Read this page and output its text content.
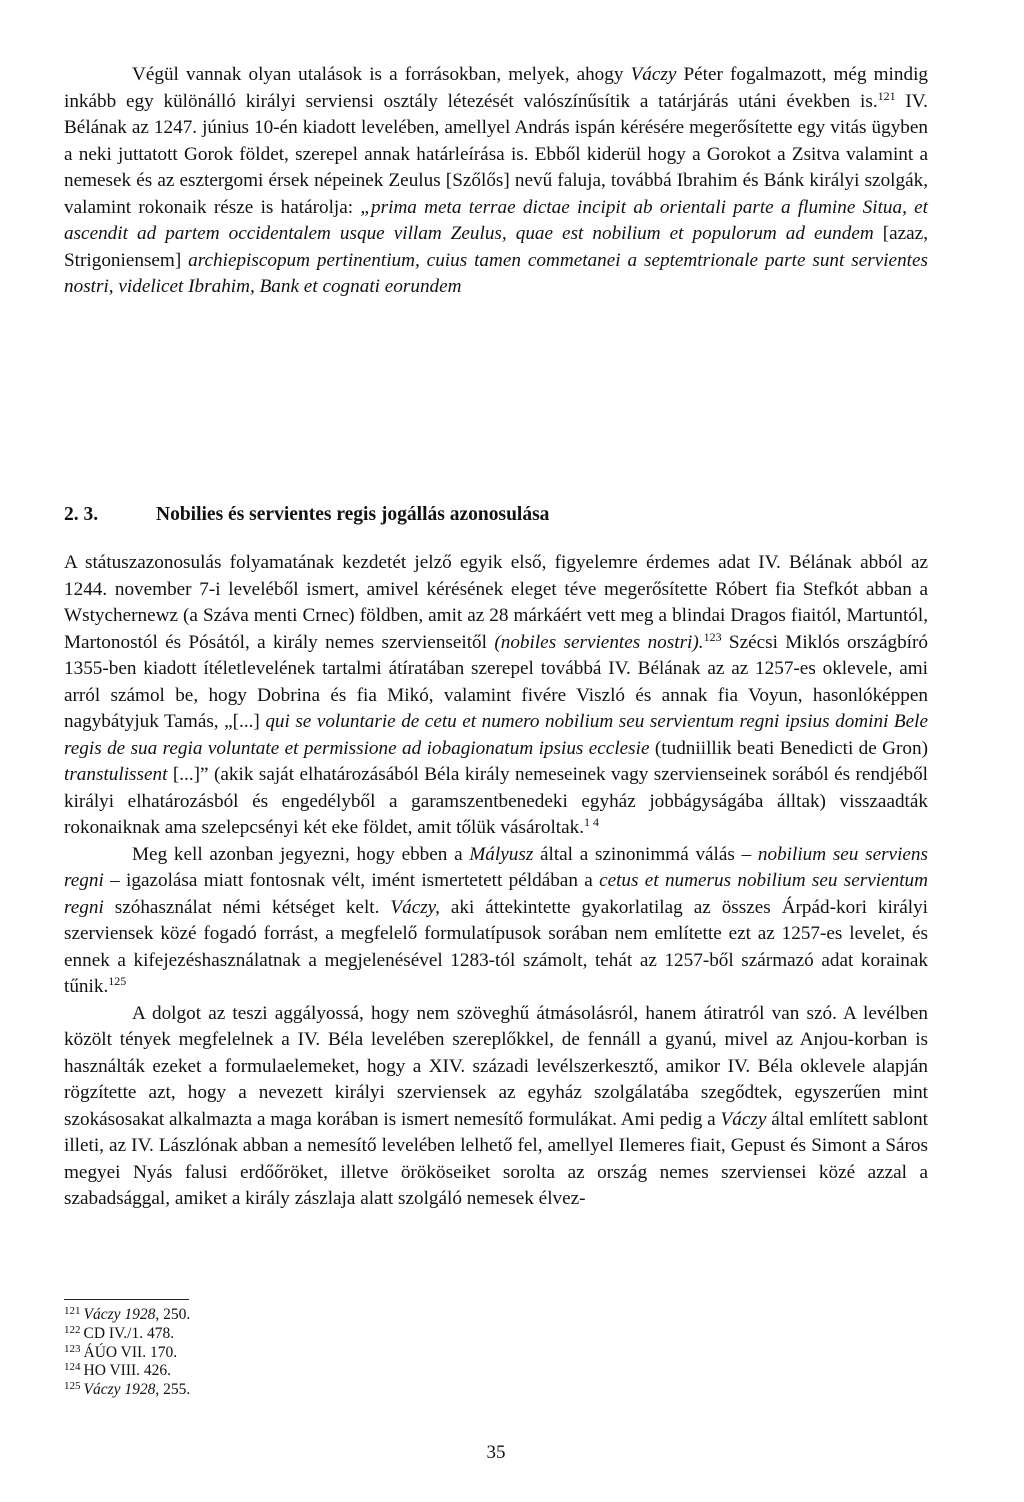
Végül vannak olyan utalások is a forrásokban, melyek, ahogy Váczy Péter fogalmazott, még mindig inkább egy különálló királyi serviensi osztály létezését valószínűsítik a tatárjárás utáni években is.$^{121}$ IV. Bélának az 1247. június 10-én kiadott levelében, amellyel András ispán kérésére megerősítette egy vitás ügyben a neki juttatott Gorok földet, szerepel annak határleírása is. Ebből kiderül hogy a Gorokot a Zsitva valamint a nemesek és az esztergomi érsek népeinek Zeulus [Szőlős] nevű faluja, továbbá Ibrahim és Bánk királyi szolgák, valamint rokonaik része is határolja: „prima meta terrae dictae incipit ab orientali parte a flumine Situa, et ascendit ad partem occidentalem usque villam Zeulus, quae est nobilium et populorum ad eundem [azaz, Strigoniensem] archiepiscopum pertinentium, cuius tamen commetanei a septemtrionale parte sunt servientes nostri, videlicet Ibrahim, Bank et cognati eorundem

2. 3.	Nobilies és servientes regis jogállás azonosulása

A státuszazonosulás folyamatának kezdetét jelző egyik első, figyelemre érdemes adat IV. Bélának abból az 1244. november 7-i leveléből ismert, amivel kérésének eleget téve megerősítette Róbert fia Stefkót abban a Wstychernewz (a Száva menti Crnec) földben, amit az 28 márkáért vett meg a blindai Dragos fiaitól, Martuntól, Martonostól és Pósától, a király nemes szervienseitől (nobiles servientes nostri).$^{123}$ Szécsi Miklós országbíró 1355-ben kiadott ítéletlevelének tartalmi átíratában szerepel továbbá IV. Bélának az az 1257-es oklevele, ami arról számol be, hogy Dobrina és fia Mikó, valamint fivére Viszló és annak fia Voyun, hasonlóképpen nagybátyjuk Tamás, „[...] qui se voluntarie de cetu et numero nobilium seu servientum regni ipsius domini Bele regis de sua regia voluntate et permissione ad iobagionatum ipsius ecclesie (tudniillik beati Benedicti de Gron) transtulissent [...]” (akik saját elhatározásából Béla király nemeseinek vagy szervienseinek sorából és rendjéből királyi elhatározásból és engedélyből a garamszentbenedeki egyház jobbágyságába álltak) visszaadták rokonaiknak ama szelepcsényi két eke földet, amit tőlük vásároltak.$^{1 4}$

Meg kell azonban jegyezni, hogy ebben a Mályusz által a szinonimmá válás – nobilium seu serviens regni – igazolása miatt fontosnak vélt, imént ismertetett példában a cetus et numerus nobilium seu servientum regni szóhasználat némi kétséget kelt. Váczy, aki áttekintette gyakorlatilag az összes Árpád-kori királyi szerviensek közé fogadó forrást, a megfelelő formulatípusok sorában nem említette ezt az 1257-es levelet, és ennek a kifejezéshasználatnak a megjelenésével 1283-tól számolt, tehát az 1257-ből származó adat korainak tűnik.$^{125}$

A dolgot az teszi aggályossá, hogy nem szöveghű átmásolásról, hanem átiratról van szó. A levélben közölt tények megfelelnek a IV. Béla levelében szereplőkkel, de fennáll a gyanú, mivel az Anjou-korban is használták ezeket a formulaelemeket, hogy a XIV. századi levélszerkesztő, amikor IV. Béla oklevele alapján rögzítette azt, hogy a nevezett királyi szerviensek az egyház szolgálatába szegődtek, egyszerűen mint szokásosakat alkalmazta a maga korában is ismert nemesítő formulákat. Ami pedig a Váczy által említett sablont illeti, az IV. Lászlónak abban a nemesítő levelében lelhető fel, amellyel Ilemeres fiait, Gepust és Simont a Sáros megyei Nyás falusi erdőőröket, illetve örököseiket sorolta az ország nemes szerviensei közé azzal a szabadsággal, amiket a király zászlaja alatt szolgáló nemesek élvez-

$^{121}$ Váczy 1928, 250.
$^{122}$ CD IV./1. 478.
$^{123}$ ÁÚO VII. 170.
$^{124}$ HO VIII. 426.
$^{125}$ Váczy 1928, 255.
35
